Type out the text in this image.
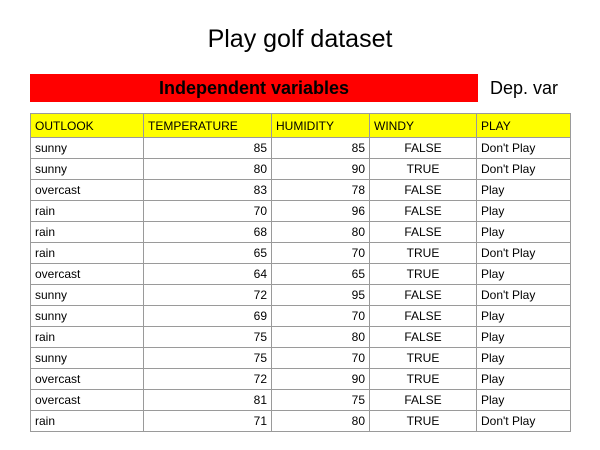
Play golf dataset
Independent variables	Dep. var
OUTLOOK	TEMPERATURE	HUMIDITY	WINDY	PLAY
sunny	85	85	FALSE	Don't Play
sunny	80	90	TRUE	Don't Play
overcast	83	78	FALSE	Play
rain	70	96	FALSE	Play
rain	68	80	FALSE	Play
rain	65	70	TRUE	Don't Play
overcast	64	65	TRUE	Play
sunny	72	95	FALSE	Don't Play
sunny	69	70	FALSE	Play
rain	75	80	FALSE	Play
sunny	75	70	TRUE	Play
overcast	72	90	TRUE	Play
overcast	81	75	FALSE	Play
rain	71	80	TRUE	Don't Play
